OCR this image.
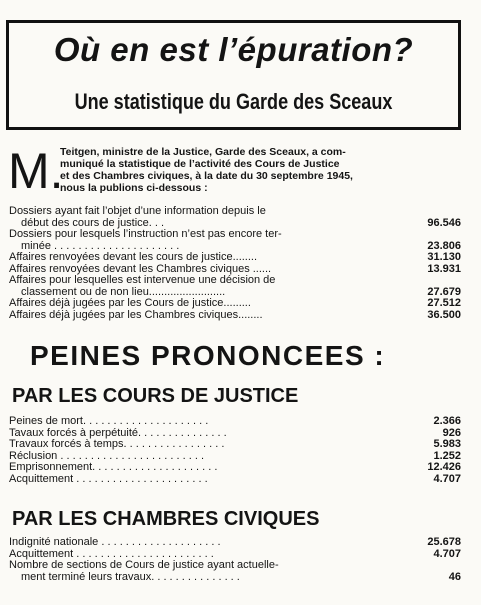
Où en est l’épuration?
Une statistique du Garde des Sceaux
M.
Teitgen, ministre de la Justice, Garde des Sceaux, a com-
muniqué la statistique de l’activité des Cours de Justice
et des Chambres civiques, à la date du 30 septembre 1945,
nous la publions ci-dessous :
Dossiers ayant fait l’objet d’une information depuis le
début des cours de justice. . .	96.546
Dossiers pour lesquels l’instruction n’est pas encore ter-
minée . . . . . . . . . . . . . . . . . . . . .	23.806
Affaires renvoyées devant les cours de justice........	31.130
Affaires renvoyées devant les Chambres civiques ......	13.931
Affaires pour lesquelles est intervenue une décision de
classement ou de non lieu.........................	27.679
Affaires déjà jugées par les Cours de justice.........	27.512
Affaires déjà jugées par les Chambres civiques........	36.500
PEINES PRONONCEES :
PAR LES COURS DE JUSTICE
Peines de mort. . . . . . . . . . . . . . . . . . . . .	2.366
Tavaux forcés à perpétuité. . . . . . . . . . . . . . .	926
Travaux forcés à temps. . . . . . . . . . . . . . . . .	5.983
Réclusion . . . . . . . . . . . . . . . . . . . . . . . .	1.252
Emprisonnement. . . . . . . . . . . . . . . . . . . . .	12.426
Acquittement . . . . . . . . . . . . . . . . . . . . . .	4.707
PAR LES CHAMBRES CIVIQUES
Indignité nationale . . . . . . . . . . . . . . . . . . . .	25.678
Acquittement . . . . . . . . . . . . . . . . . . . . . . .	4.707
Nombre de sections de Cours de justice ayant actuelle-
ment terminé leurs travaux. . . . . . . . . . . . . . .	46
